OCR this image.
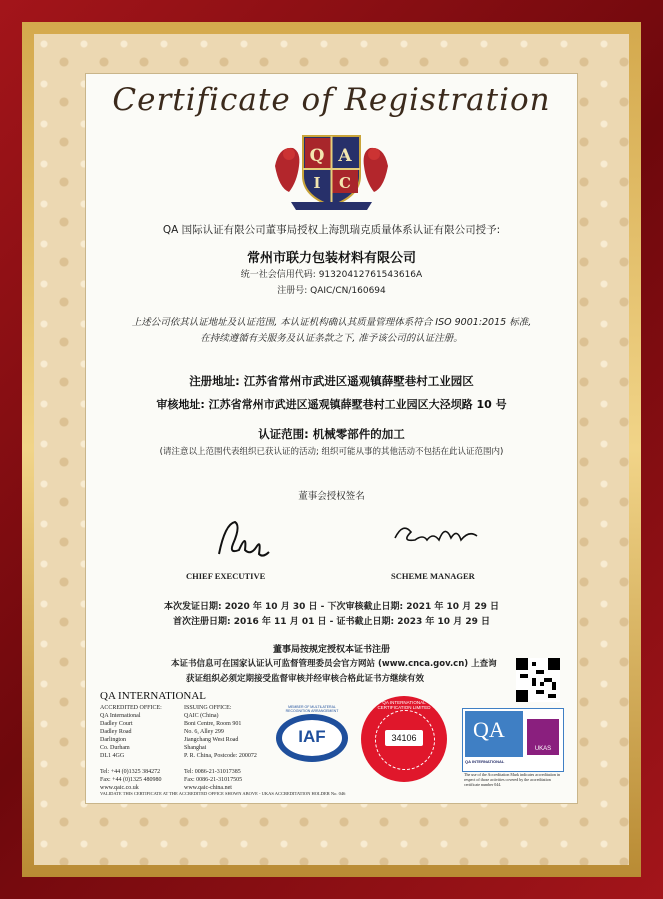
Certificate of Registration
Q A
I C
QA 国际认证有限公司董事局授权上海凯瑞克质量体系认证有限公司授予:
常州市联力包装材料有限公司
统一社会信用代码: 91320412761543616A
注册号: QAIC/CN/160694
上述公司依其认证地址及认证范围, 本认证机构确认其质量管理体系符合 ISO 9001:2015 标准,
在持续遵循有关服务及认证条款之下, 准予该公司的认证注册。
注册地址: 江苏省常州市武进区遥观镇薛墅巷村工业园区
审核地址: 江苏省常州市武进区遥观镇薛墅巷村工业园区大泾坝路 10 号
认证范围: 机械零部件的加工
(请注意以上范围代表组织已获认证的活动; 组织可能从事的其他活动不包括在此认证范围内)
董事会授权签名
CHIEF EXECUTIVE	SCHEME MANAGER
本次发证日期: 2020 年 10 月 30 日 - 下次审核截止日期: 2021 年 10 月 29 日
首次注册日期: 2016 年 11 月 01 日 - 证书截止日期: 2023 年 10 月 29 日
董事局按规定授权本证书注册
本证书信息可在国家认证认可监督管理委员会官方网站 (www.cnca.gov.cn) 上查询
获证组织必须定期接受监督审核并经审核合格此证书方继续有效
QA INTERNATIONAL
ACCREDITED OFFICE:
QA International
Dadley Court
Dadley Road
Darlington
Co. Durham
DL1 4GG
Tel: +44 (0)1325 384272
Fax: +44 (0)1325 480980
www.qaic.co.uk
ISSUING OFFICE:
QAIC (China)
Boni Centre, Room 901
No. 6, Alley 299
Jiangchang West Road
Shanghai
P. R. China, Postcode: 200072
Tel: 0086-21-31017385
Fax: 0086-21-31017505
www.qaic-china.net
IAF
MEMBER OF MULTILATERAL RECOGNITION ARRANGEMENT
34106
QA INTERNATIONAL CERTIFICATION LIMITED
QA
QA INTERNATIONAL
UKAS
The use of the Accreditation Mark indicates accreditation in respect of those activities covered by the accreditation certificate number 044.
VALIDATE THIS CERTIFICATE AT THE ACCREDITED OFFICE SHOWN ABOVE - UKAS ACCREDITATION HOLDER No. 046
